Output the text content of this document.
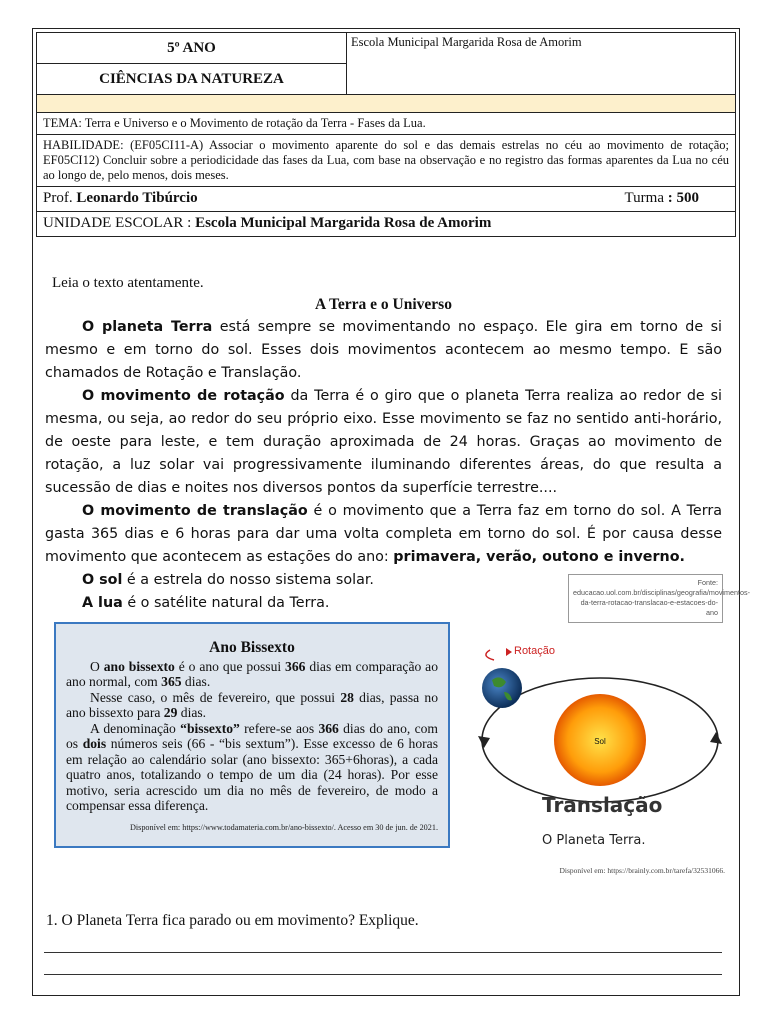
5º ANO
CIÊNCIAS DA NATUREZA
Escola Municipal Margarida Rosa de Amorim
TEMA: Terra e Universo e o Movimento de rotação da Terra - Fases da Lua.
HABILIDADE: (EF05CI11-A) Associar o movimento aparente do sol e das demais estrelas no céu ao movimento de rotação; EF05CI12) Concluir sobre a periodicidade das fases da Lua, com base na observação e no registro das formas aparentes da Lua no céu ao longo de, pelo menos, dois meses.
Prof. Leonardo Tibúrcio	Turma : 500
UNIDADE ESCOLAR : Escola Municipal Margarida Rosa de Amorim

Leia o texto atentamente.

A Terra e o Universo

O planeta Terra está sempre se movimentando no espaço. Ele gira em torno de si mesmo e em torno do sol. Esses dois movimentos acontecem ao mesmo tempo. E são chamados de Rotação e Translação.

O movimento de rotação da Terra é o giro que o planeta Terra realiza ao redor de si mesma, ou seja, ao redor do seu próprio eixo. Esse movimento se faz no sentido anti-horário, de oeste para leste, e tem duração aproximada de 24 horas. Graças ao movimento de rotação, a luz solar vai progressivamente iluminando diferentes áreas, do que resulta a sucessão de dias e noites nos diversos pontos da superfície terrestre....

O movimento de translação é o movimento que a Terra faz em torno do sol. A Terra gasta 365 dias e 6 horas para dar uma volta completa em torno do sol. É por causa desse movimento que acontecem as estações do ano: primavera, verão, outono e inverno.

O sol é a estrela do nosso sistema solar.

A lua é o satélite natural da Terra.

Fonte: educacao.uol.com.br/disciplinas/geografia/movimentos-da-terra-rotacao-translacao-e-estacoes-do-ano
Ano Bissexto

O ano bissexto é o ano que possui 366 dias em comparação ao ano normal, com 365 dias.

Nesse caso, o mês de fevereiro, que possui 28 dias, passa no ano bissexto para 29 dias.

A denominação “bissexto” refere-se aos 366 dias do ano, com os dois números seis (66 - “bis sextum”). Esse excesso de 6 horas em relação ao calendário solar (ano bissexto: 365+6horas), a cada quatro anos, totalizando o tempo de um dia (24 horas). Por esse motivo, seria acrescido um dia no mês de fevereiro, de modo a compensar essa diferença.

Disponível em: https://www.todamateria.com.br/ano-bissexto/. Acesso em 30 de jun. de 2021.

Sol
Rotação
Translação
O Planeta Terra.
Disponível em: https://brainly.com.br/tarefa/32531066.
1. O Planeta Terra fica parado ou em movimento? Explique.
